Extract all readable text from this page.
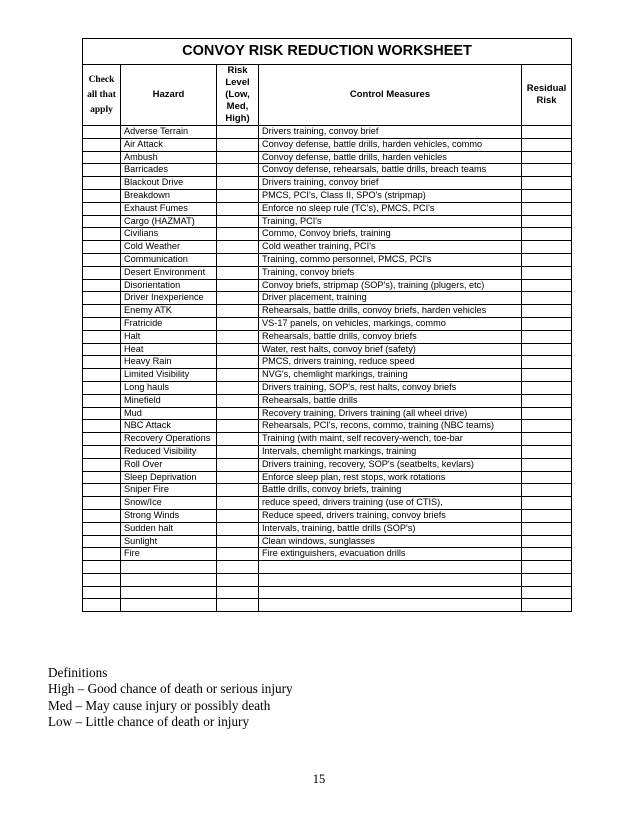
CONVOY RISK REDUCTION WORKSHEET				
Check all that apply	Hazard	Risk Level (Low, Med, High)	Control Measures	Residual Risk
	Adverse Terrain		Drivers training, convoy brief	
	Air Attack		Convoy defense, battle drills, harden vehicles, commo	
	Ambush		Convoy defense, battle drills, harden vehicles	
	Barricades		Convoy defense, rehearsals, battle drills, breach teams	
	Blackout Drive		Drivers training, convoy brief	
	Breakdown		PMCS, PCI's, Class II, SPO's (stripmap)	
	Exhaust Fumes		Enforce no sleep rule (TC's), PMCS, PCI's	
	Cargo (HAZMAT)		Training, PCI's	
	Civilians		Commo, Convoy briefs, training	
	Cold Weather		Cold weather training, PCI's	
	Communication		Training, commo personnel, PMCS, PCI's	
	Desert Environment		Training, convoy briefs	
	Disorientation		Convoy briefs, stripmap (SOP's), training (plugers, etc)	
	Driver Inexperience		Driver placement, training	
	Enemy ATK		Rehearsals, battle drills, convoy briefs, harden vehicles	
	Fratricide		VS-17 panels, on vehicles, markings, commo	
	Halt		Rehearsals, battle drills, convoy briefs	
	Heat		Water, rest halts, convoy brief (safety)	
	Heavy Rain		PMCS, drivers training, reduce speed	
	Limited Visibility		NVG's, chemlight markings, training	
	Long hauls		Drivers training, SOP's, rest halts, convoy briefs	
	Minefield		Rehearsals, battle drills	
	Mud		Recovery training, Drivers training (all wheel drive)	
	NBC Attack		Rehearsals, PCI's, recons, commo, training (NBC teams)	
	Recovery Operations		Training (with maint, self recovery-wench, toe-bar	
	Reduced Visibility		Intervals, chemlight markings, training	
	Roll Over		Drivers training, recovery, SOP's (seatbelts, kevlars)	
	Sleep Deprivation		Enforce sleep plan, rest stops, work rotations	
	Sniper Fire		Battle drills, convoy briefs, training	
	Snow/Ice		reduce speed, drivers training (use of CTIS),	
	Strong Winds		Reduce speed, drivers training, convoy briefs	
	Sudden halt		Intervals, training, battle drills (SOP's)	
	Sunlight		Clean windows, sunglasses	
	Fire		Fire extinguishers, evacuation drills	

Definitions
High – Good chance of death or serious injury
Med – May cause injury or possibly death
Low – Little chance of death or injury
15
